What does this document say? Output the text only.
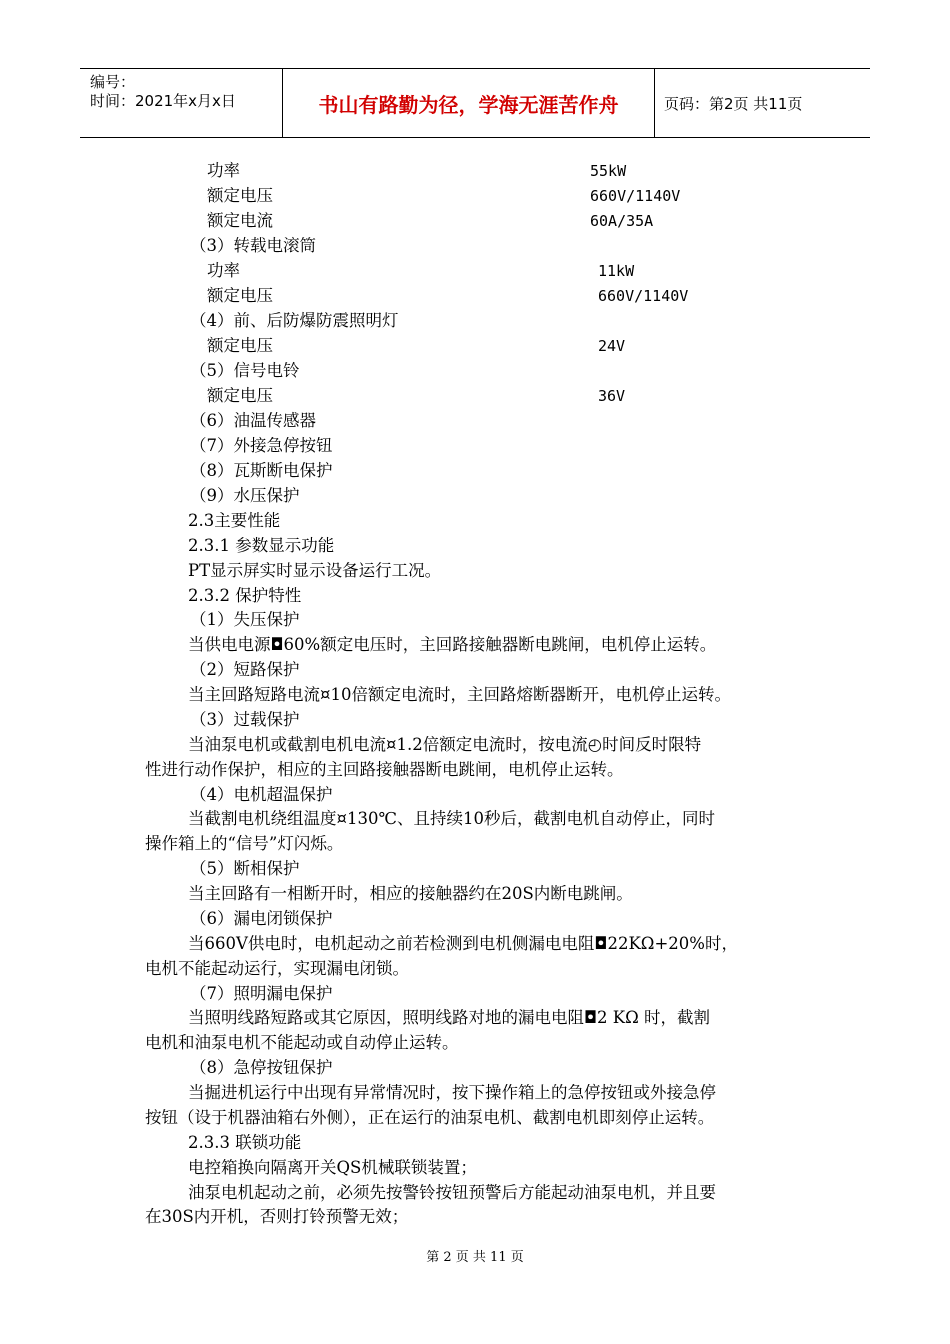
编号：
时间：2021年x月x日	书山有路勤为径，学海无涯苦作舟	页码：第2页 共11页
功率
额定电压
额定电流
（3）转载电滚筒
功率
额定电压
（4）前、后防爆防震照明灯
额定电压
（5）信号电铃
额定电压
（6）油温传感器
（7）外接急停按钮
（8）瓦斯断电保护
（9）水压保护
2.3主要性能
2.3.1 参数显示功能
PT显示屏实时显示设备运行工况。
2.3.2 保护特性
（1）失压保护
当供电电源◘60%额定电压时，主回路接触器断电跳闸，电机停止运转。
（2）短路保护
当主回路短路电流¤10倍额定电流时，主回路熔断器断开，电机停止运转。
（3）过载保护
当油泵电机或截割电机电流¤1.2倍额定电流时，按电流◴时间反时限特
性进行动作保护，相应的主回路接触器断电跳闸，电机停止运转。
（4）电机超温保护
当截割电机绕组温度¤130℃、且持续10秒后，截割电机自动停止，同时
操作箱上的“信号”灯闪烁。
（5）断相保护
当主回路有一相断开时，相应的接触器约在20S内断电跳闸。
（6）漏电闭锁保护
当660V供电时，电机起动之前若检测到电机侧漏电电阻◘22KΩ+20%时，
电机不能起动运行，实现漏电闭锁。
（7）照明漏电保护
当照明线路短路或其它原因，照明线路对地的漏电电阻◘2 KΩ 时，截割
电机和油泵电机不能起动或自动停止运转。
（8）急停按钮保护
当掘进机运行中出现有异常情况时，按下操作箱上的急停按钮或外接急停
按钮（设于机器油箱右外侧），正在运行的油泵电机、截割电机即刻停止运转。
2.3.3 联锁功能
电控箱换向隔离开关QS机械联锁装置；
油泵电机起动之前，必须先按警铃按钮预警后方能起动油泵电机，并且要
在30S内开机，否则打铃预警无效；
55kW
660V/1140V
60A/35A
11kW
660V/1140V
24V
36V
第 2 页 共 11 页
